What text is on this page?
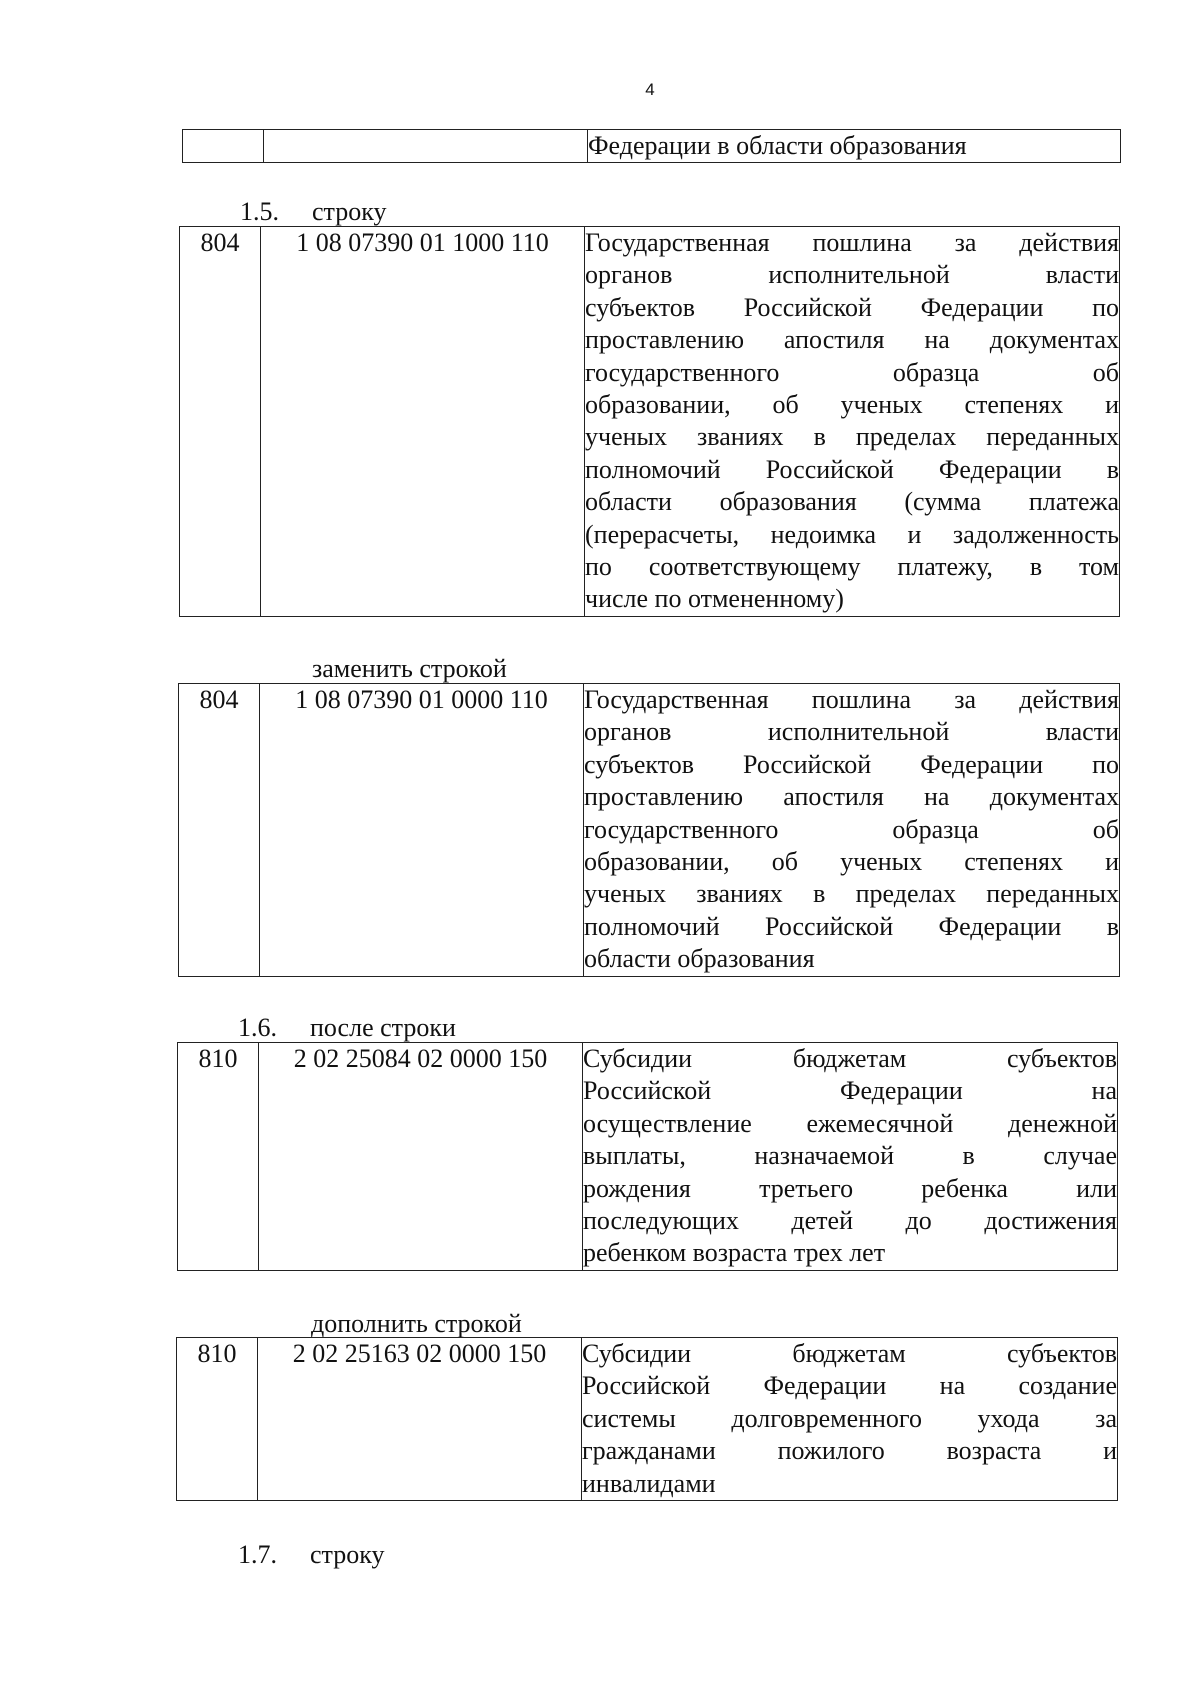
4
		Федерации в области образования
1.5. строку
804	1 08 07390 01 1000 110	Государственная пошлина за действия
органов исполнительной власти
субъектов Российской Федерации по
проставлению апостиля на документах
государственного образца об
образовании, об ученых степенях и
ученых званиях в пределах переданных
полномочий Российской Федерации в
области образования (сумма платежа
(перерасчеты, недоимка и задолженность
по соответствующему платежу, в том
числе по отмененному)
заменить строкой
804	1 08 07390 01 0000 110	Государственная пошлина за действия
органов исполнительной власти
субъектов Российской Федерации по
проставлению апостиля на документах
государственного образца об
образовании, об ученых степенях и
ученых званиях в пределах переданных
полномочий Российской Федерации в
области образования
1.6. после строки
810	2 02 25084 02 0000 150	Субсидии бюджетам субъектов
Российской Федерации на
осуществление ежемесячной денежной
выплаты, назначаемой в случае
рождения третьего ребенка или
последующих детей до достижения
ребенком возраста трех лет
дополнить строкой
810	2 02 25163 02 0000 150	Субсидии бюджетам субъектов
Российской Федерации на создание
системы долговременного ухода за
гражданами пожилого возраста и
инвалидами
1.7. строку
